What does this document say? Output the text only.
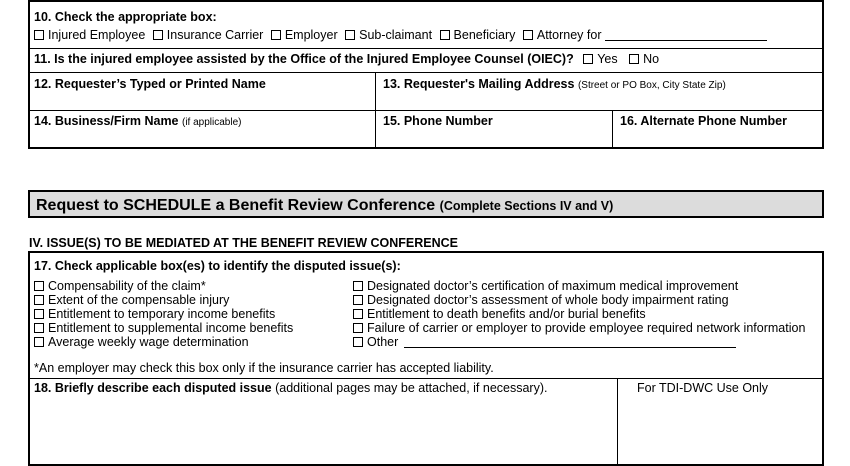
10. Check the appropriate box:
Injured Employee Insurance Carrier Employer Sub-claimant Beneficiary Attorney for
11. Is the injured employee assisted by the Office of the Injured Employee Counsel (OIEC)? Yes No
12. Requester’s Typed or Printed Name	13. Requester's Mailing Address (Street or PO Box, City State Zip)
14. Business/Firm Name (if applicable)	15. Phone Number	16. Alternate Phone Number
Request to SCHEDULE a Benefit Review Conference (Complete Sections IV and V)
IV. ISSUE(S) TO BE MEDIATED AT THE BENEFIT REVIEW CONFERENCE
17. Check applicable box(es) to identify the disputed issue(s):
Compensability of the claim*
Extent of the compensable injury
Entitlement to temporary income benefits
Entitlement to supplemental income benefits
Average weekly wage determination
Designated doctor’s certification of maximum medical improvement
Designated doctor’s assessment of whole body impairment rating
Entitlement to death benefits and/or burial benefits
Failure of carrier or employer to provide employee required network information
Other
*An employer may check this box only if the insurance carrier has accepted liability.
18. Briefly describe each disputed issue (additional pages may be attached, if necessary).	For TDI-DWC Use Only
